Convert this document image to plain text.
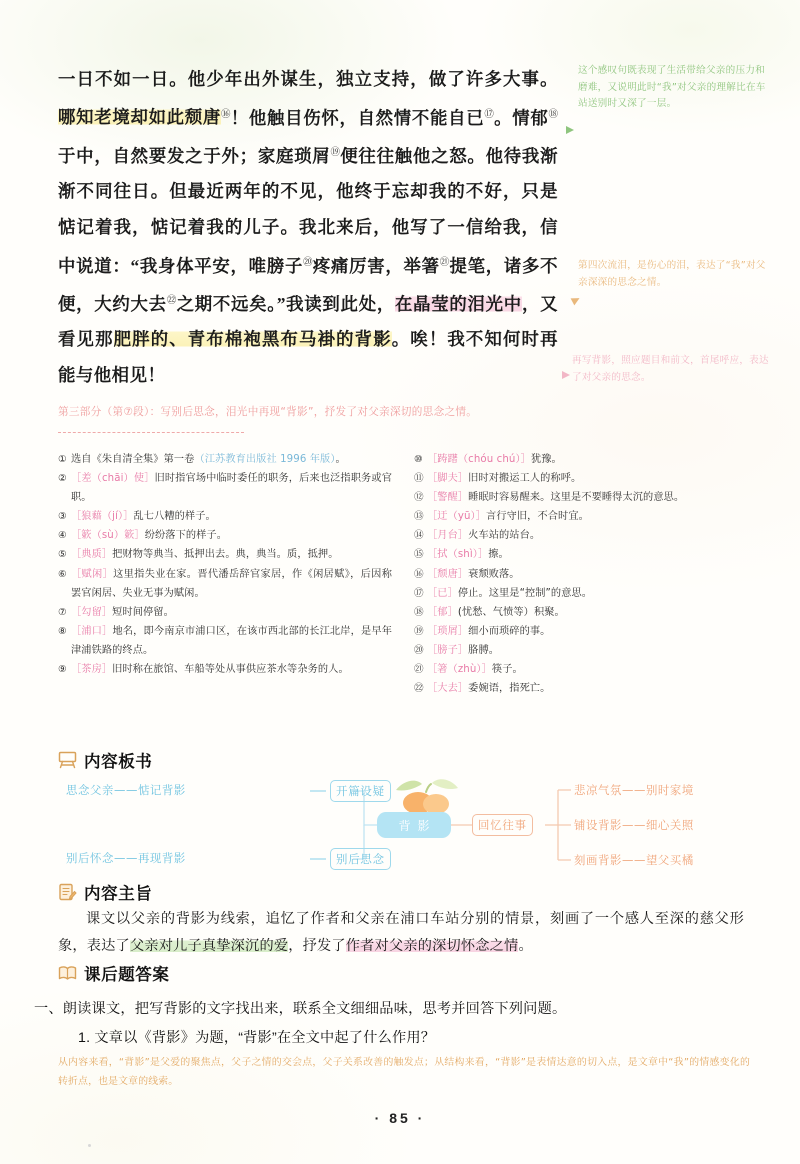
一日不如一日。他少年出外谋生，独立支持，做了许多大事。哪知老境却如此颓唐⑯！他触目伤怀，自然情不能自已⑰。情郁⑱于中，自然要发之于外；家庭琐屑⑲便往往触他之怒。他待我渐渐不同往日。但最近两年的不见，他终于忘却我的不好，只是惦记着我，惦记着我的儿子。我北来后，他写了一信给我，信中说道：“我身体平安，唯膀子⑳疼痛厉害，举箸$^㉑$提笔，诸多不便，大约大去$^㉒$之期不远矣。”我读到此处，在晶莹的泪光中，又看见那肥胖的、青布棉袍黑布马褂的背影。唉！我不知何时再能与他相见！

这个感叹句既表现了生活带给父亲的压力和磨难，又说明此时“我”对父亲的理解比在车站送别时又深了一层。
第四次流泪，是伤心的泪，表达了“我”对父亲深深的思念之情。
再写背影，照应题目和前文，首尾呼应，表达了对父亲的思念。
第三部分（第⑦段）：写别后思念，泪光中再现“背影”，抒发了对父亲深切的思念之情。
① 选自《朱自清全集》第一卷（江苏教育出版社 1996 年版）。
② ［差（chāi）使］旧时指官场中临时委任的职务，后来也泛指职务或官职。
③ ［狼藉（jí）］乱七八糟的样子。
④ ［簌（sù）簌］纷纷落下的样子。
⑤ ［典质］把财物等典当、抵押出去。典，典当。质，抵押。
⑥ ［赋闲］这里指失业在家。晋代潘岳辞官家居，作《闲居赋》，后因称罢官闲居、失业无事为赋闲。
⑦ ［勾留］短时间停留。
⑧ ［浦口］地名，即今南京市浦口区，在该市西北部的长江北岸，是早年津浦铁路的终点。
⑨ ［茶房］旧时称在旅馆、车船等处从事供应茶水等杂务的人。
⑩ ［踌躇（chóu chú）］犹豫。
⑪ ［脚夫］旧时对搬运工人的称呼。
⑫ ［警醒］睡眠时容易醒来。这里是不要睡得太沉的意思。
⑬ ［迂（yū）］言行守旧，不合时宜。
⑭ ［月台］火车站的站台。
⑮ ［拭（shì）］擦。
⑯ ［颓唐］衰颓败落。
⑰ ［已］停止。这里是“控制”的意思。
⑱ ［郁］(忧愁、气愤等）积聚。
⑲ ［琐屑］细小而琐碎的事。
⑳ ［膀子］胳膊。
㉑ ［箸（zhù）］筷子。
㉒ ［大去］委婉语，指死亡。
内容板书
思念父亲——惦记背影	开篇设疑
别后怀念——再现背影	别后思念
背影	回忆往事
悲凉气氛——别时家境
铺设背影——细心关照
刻画背影——望父买橘
内容主旨
课文以父亲的背影为线索，追忆了作者和父亲在浦口车站分别的情景，刻画了一个感人至深的慈父形象，表达了父亲对儿子真挚深沉的爱，抒发了作者对父亲的深切怀念之情。
课后题答案
一、朗读课文，把写背影的文字找出来，联系全文细细品味，思考并回答下列问题。
1. 文章以《背影》为题，“背影”在全文中起了什么作用？
从内容来看，“背影”是父爱的聚焦点，父子之情的交会点，父子关系改善的触发点；从结构来看，“背影”是表情达意的切入点，是文章中“我”的情感变化的转折点，也是文章的线索。
· 85 ·
